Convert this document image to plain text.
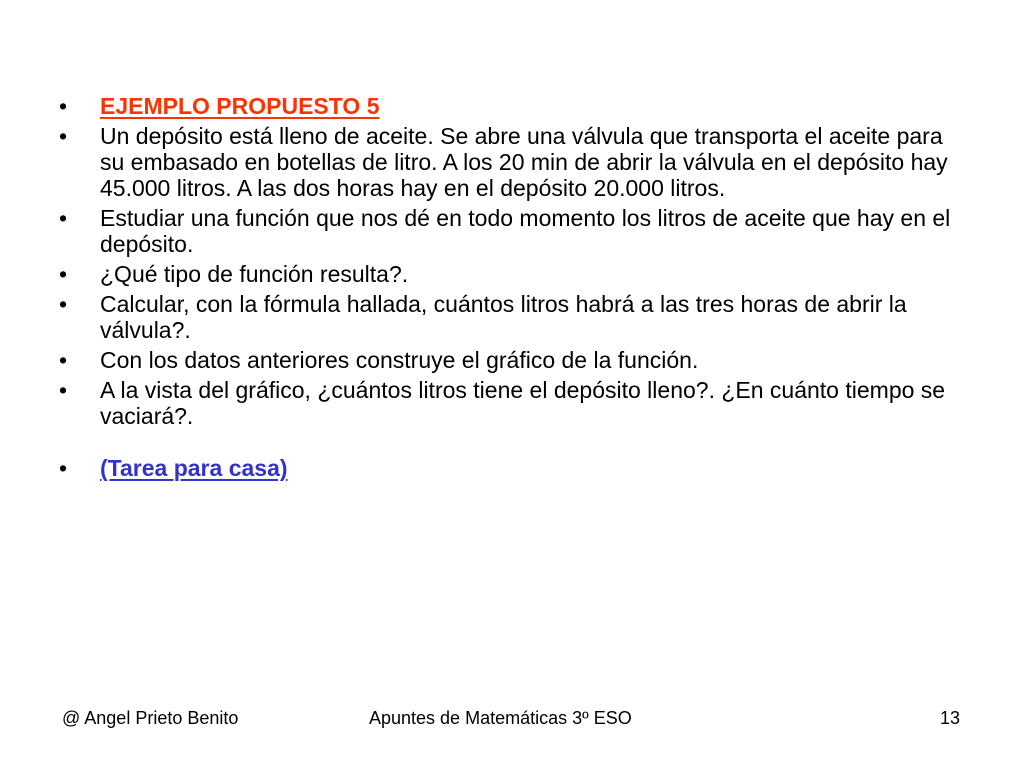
•	EJEMPLO PROPUESTO 5
•	Un depósito está lleno de aceite. Se abre una válvula que transporta el aceite para su embasado en botellas de litro. A los 20 min de abrir la válvula en el depósito hay 45.000 litros. A las dos horas hay en el depósito 20.000 litros.
•	Estudiar una función que nos dé en todo momento los litros de aceite que hay en el depósito.
•	¿Qué tipo de función resulta?.
•	Calcular, con la fórmula hallada, cuántos litros habrá a las tres horas de abrir la válvula?.
•	Con los datos anteriores construye el gráfico de la función.
•	A la vista del gráfico, ¿cuántos litros tiene el depósito lleno?. ¿En cuánto tiempo se vaciará?.
•	(Tarea para casa)
@ Angel Prieto Benito	Apuntes de Matemáticas 3º ESO	13
